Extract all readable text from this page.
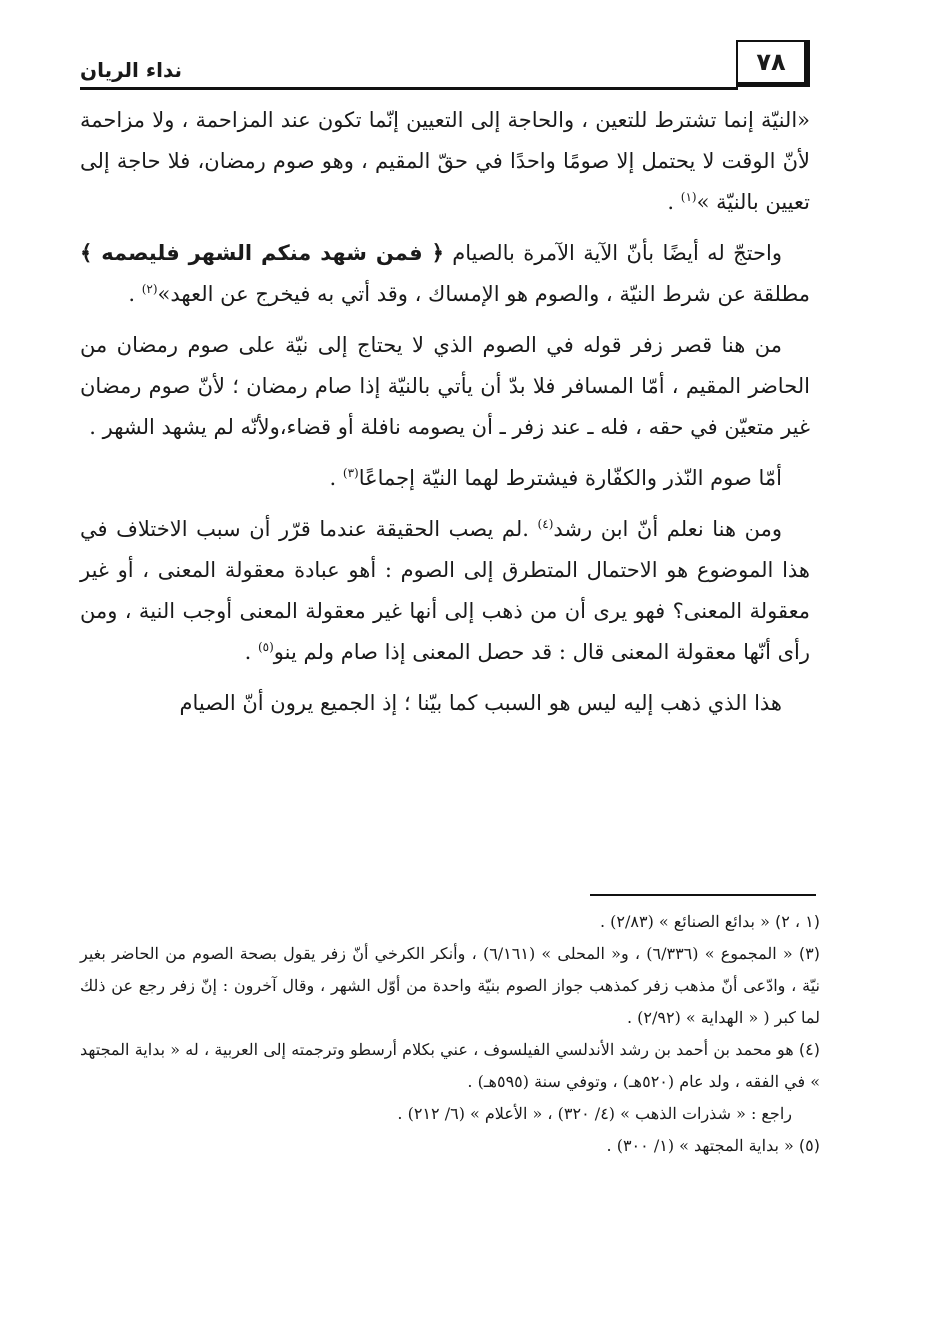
٧٨
نداء الريان

«النيّة إنما تشترط للتعين ، والحاجة إلى التعيين إنّما تكون عند المزاحمة ، ولا مزاحمة لأنّ الوقت لا يحتمل إلا صومًا واحدًا في حقّ المقيم ، وهو صوم رمضان، فلا حاجة إلى تعيين بالنيّة »$^{(١)}$ .

واحتجّ له أيضًا بأنّ الآية الآمرة بالصيام ﴿ فمن شهد منكم الشهر فليصمه ﴾ مطلقة عن شرط النيّة ، والصوم هو الإمساك ، وقد أتي به فيخرج عن العهد»$^{(٢)}$ .

من هنا قصر زفر قوله في الصوم الذي لا يحتاج إلى نيّة على صوم رمضان من الحاضر المقيم ، أمّا المسافر فلا بدّ أن يأتي بالنيّة إذا صام رمضان ؛ لأنّ صوم رمضان غير متعيّن في حقه ، فله ـ عند زفر ـ أن يصومه نافلة أو قضاء،ولأنّه لم يشهد الشهر .

أمّا صوم النّذر والكفّارة فيشترط لهما النيّة إجماعًا$^{(٣)}$ .

ومن هنا نعلم أنّ ابن رشد$^{(٤)}$ .لم يصب الحقيقة عندما قرّر أن سبب الاختلاف في هذا الموضوع هو الاحتمال المتطرق إلى الصوم : أهو عبادة معقولة المعنى ، أو غير معقولة المعنى؟ فهو يرى أن من ذهب إلى أنها غير معقولة المعنى أوجب النية ، ومن رأى أنّها معقولة المعنى قال : قد حصل المعنى إذا صام ولم ينو$^{(٥)}$ .

هذا الذي ذهب إليه ليس هو السبب كما بيّنا ؛ إذ الجميع يرون أنّ الصيام

(١ ، ٢) « بدائع الصنائع » (٢/٨٣) .

(٣) « المجموع » (٦/٣٣٦) ، و« المحلى » (٦/١٦١) ، وأنكر الكرخي أنّ زفر يقول بصحة الصوم من الحاضر بغير نيّة ، وادّعى أنّ مذهب زفر كمذهب جواز الصوم بنيّة واحدة من أوّل الشهر ، وقال آخرون : إنّ زفر رجع عن ذلك لما كبر ( « الهداية » (٢/٩٢) .

(٤) هو محمد بن أحمد بن رشد الأندلسي الفيلسوف ، عني بكلام أرسطو وترجمته إلى العربية ، له « بداية المجتهد » في الفقه ، ولد عام (٥٢٠هـ) ، وتوفي سنة (٥٩٥هـ) .

راجع : « شذرات الذهب » (٤/ ٣٢٠) ، « الأعلام » (٦/ ٢١٢) .

(٥) « بداية المجتهد » (١/ ٣٠٠) .
